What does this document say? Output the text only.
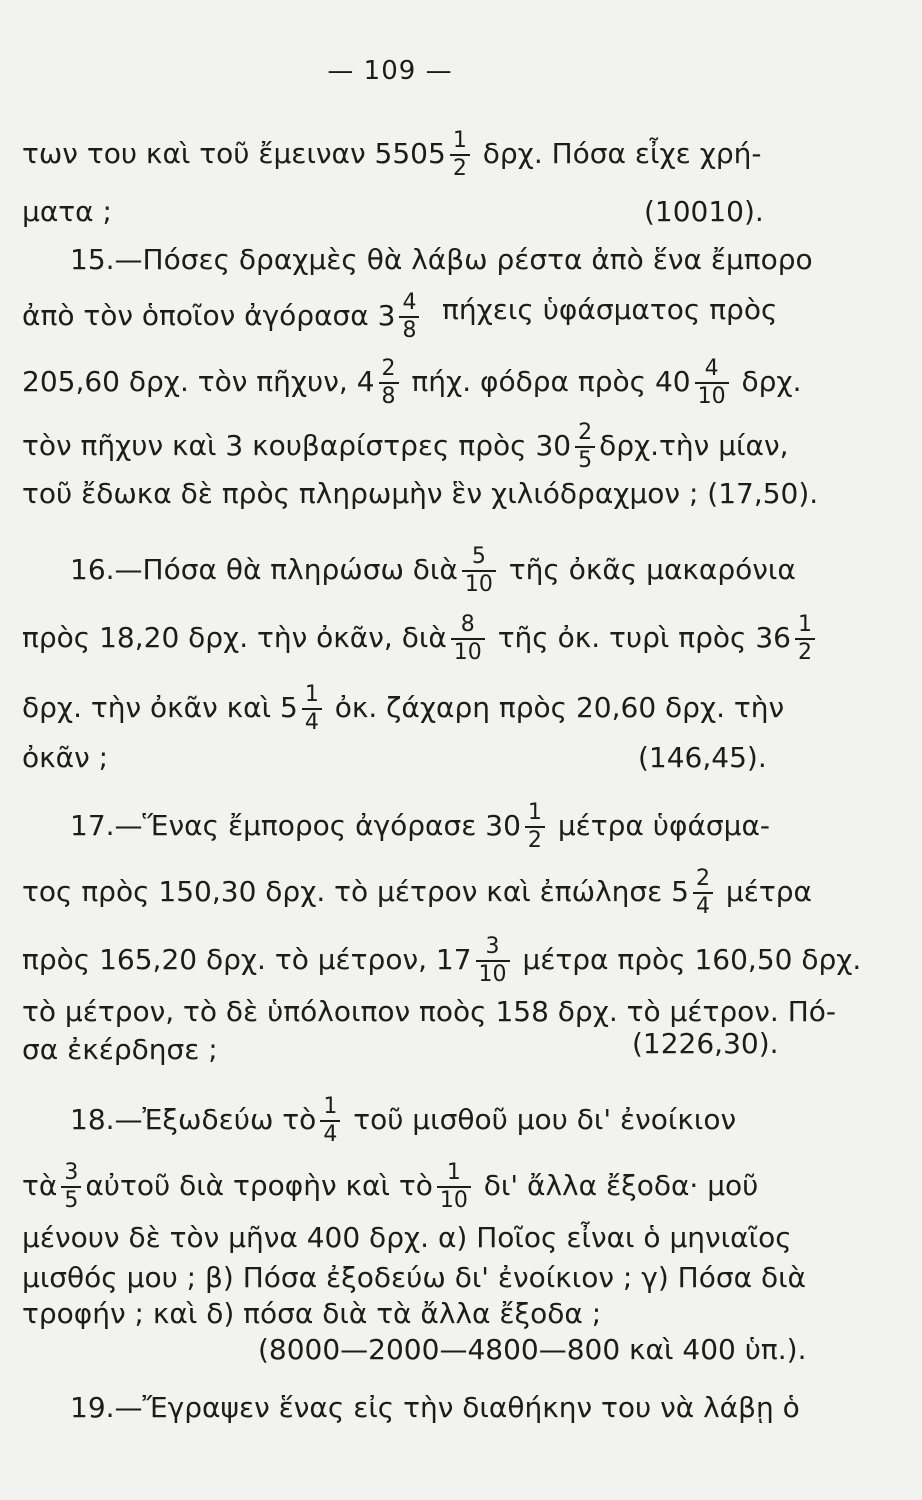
— 109 —
των του καὶ τοῦ ἔμειναν $5505 \frac{1}{2} \delta\rho\chi$. Πόσα εἶχε χρή-
ματα ;	(10010).
15.—Πόσες δραχμὲς θὰ λάβω ρέστα ἀπὸ ἕνα ἔμπορο
ἀπὸ τὸν ὁποῖον ἀγόρασα $3 \frac{4}{8}$ πήχεις ὑφάσματος πρὸς
205,60 δρχ. τὸν πῆχυν, $4 \frac{2}{8} \pi ή\chi$. φόδρα πρὸς $40 \frac{4}{10} \delta\rho\chi$.
τὸν πῆχυν καὶ 3 κουβαρίστρες πρὸς $30 \frac{2}{5}$ δρχ.τὴν μίαν,
τοῦ ἔδωκα δὲ πρὸς πληρωμὴν ἓν χιλιόδραχμον ; (17,50).
16.—Πόσα θὰ πληρώσω διὰ $\frac{5}{10}$ τῆς ὀκᾶς μακαρόνια
πρὸς 18,20 δρχ. τὴν ὀκᾶν, διὰ $\frac{8}{10}$ τῆς ὀκ. τυρὶ πρὸς $36 \frac{1}{2}$
δρχ. τὴν ὀκᾶν καὶ $5 \frac{1}{4}$ ὀκ. ζάχαρη πρὸς 20,60 δρχ. τὴν
ὀκᾶν ;	(146,45).
17.—Ἕνας ἔμπορος ἀγόρασε $30 \frac{1}{2}$ μέτρα ὑφάσμα-
τος πρὸς 150,30 δρχ. τὸ μέτρον καὶ ἐπώλησε $5 \frac{2}{4}$ μέτρα
πρὸς 165,20 δρχ. τὸ μέτρον, $17 \frac{3}{10}$ μέτρα πρὸς 160,50 δρχ.
τὸ μέτρον, τὸ δὲ ὑπόλοιπον ποὸς 158 δρχ. τὸ μέτρον. Πό-
σα ἐκέρδησε ;	(1226,30).
18.—Ἐξωδεύω τὸ $\frac{1}{4}$ τοῦ μισθοῦ μου δι' ἐνοίκιον
τὰ $\frac{3}{5}$ αὐτοῦ διὰ τροφὴν καὶ τὸ $\frac{1}{10} \delta\iota'$ ἄλλα ἔξοδα· μοῦ
μένουν δὲ τὸν μῆνα 400 δρχ. α) Ποῖος εἶναι ὁ μηνιαῖος
μισθός μου ; β) Πόσα ἐξοδεύω δι' ἐνοίκιον ; γ) Πόσα διὰ
τροφήν ; καὶ δ) πόσα διὰ τὰ ἄλλα ἔξοδα ;
(8000—2000—4800—800 καὶ 400 ὑπ.).
19.—Ἔγραψεν ἕνας εἰς τὴν διαθήκην του νὰ λάβῃ ὁ
